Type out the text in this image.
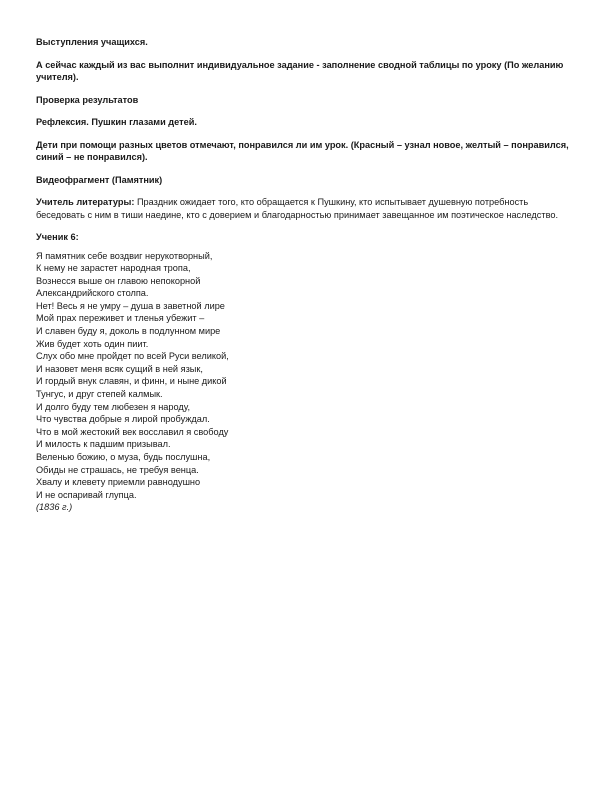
Выступления учащихся.

А сейчас каждый из вас выполнит индивидуальное задание - заполнение сводной таблицы по уроку (По желанию учителя).

Проверка результатов

Рефлексия. Пушкин глазами детей.

Дети при помощи разных цветов отмечают, понравился ли им урок. (Красный – узнал новое, желтый – понравился, синий – не понравился).

Видеофрагмент (Памятник)

Учитель литературы: Праздник ожидает того, кто обращается к Пушкину, кто испытывает душевную потребность беседовать с ним в тиши наедине, кто с доверием и благодарностью принимает завещанное им поэтическое наследство.

Ученик 6:

Я памятник себе воздвиг нерукотворный,
К нему не зарастет народная тропа,
Вознесся выше он главою непокорной
Александрийского столпа.
Нет! Весь я не умру – душа в заветной лире
Мой прах переживет и тленья убежит –
И славен буду я, доколь в подлунном мире
Жив будет хоть один пиит.
Слух обо мне пройдет по всей Руси великой,
И назовет меня всяк сущий в ней язык,
И гордый внук славян, и финн, и ныне дикой
Тунгус, и друг степей калмык.
И долго буду тем любезен я народу,
Что чувства добрые я лирой пробуждал.
Что в мой жестокий век восславил я свободу
И милость к падшим призывал.
Веленью божию, о муза, будь послушна,
Обиды не страшась, не требуя венца.
Хвалу и клевету приемли равнодушно
И не оспаривай глупца.
(1836 г.)
